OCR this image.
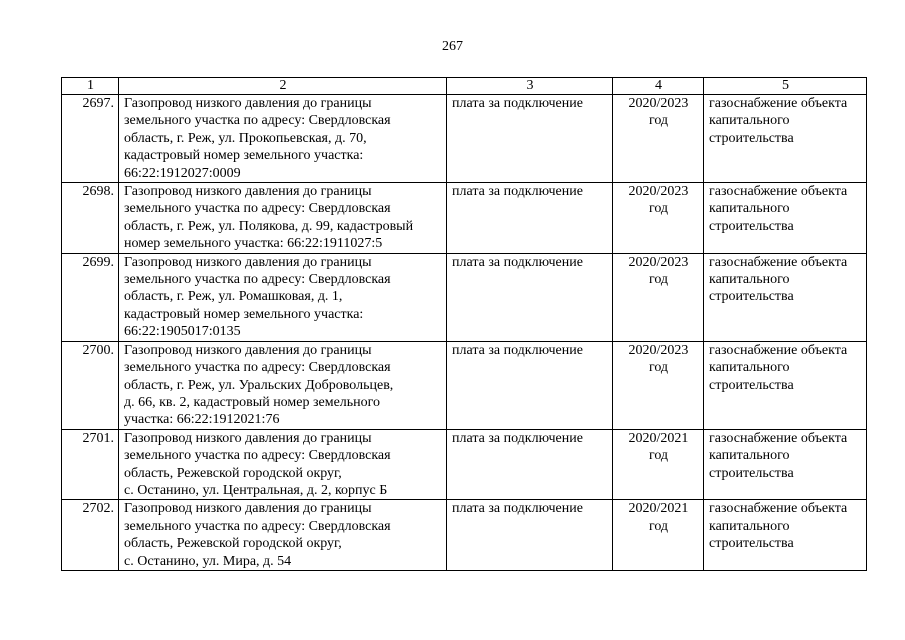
267
1	2	3	4	5
2697.	Газопровод низкого давления до границы
земельного участка по адресу: Свердловская
область, г. Реж, ул. Прокопьевская, д. 70,
кадастровый номер земельного участка:
66:22:1912027:0009	плата за подключение	2020/2023
год	газоснабжение объекта
капитального
строительства

2698.	Газопровод низкого давления до границы
земельного участка по адресу: Свердловская
область, г. Реж, ул. Полякова, д. 99, кадастровый
номер земельного участка: 66:22:1911027:5	плата за подключение	2020/2023
год	газоснабжение объекта
капитального
строительства

2699.	Газопровод низкого давления до границы
земельного участка по адресу: Свердловская
область, г. Реж, ул. Ромашковая, д. 1,
кадастровый номер земельного участка:
66:22:1905017:0135	плата за подключение	2020/2023
год	газоснабжение объекта
капитального
строительства

2700.	Газопровод низкого давления до границы
земельного участка по адресу: Свердловская
область, г. Реж, ул. Уральских Добровольцев,
д. 66, кв. 2, кадастровый номер земельного
участка: 66:22:1912021:76	плата за подключение	2020/2023
год	газоснабжение объекта
капитального
строительства

2701.	Газопровод низкого давления до границы
земельного участка по адресу: Свердловская
область, Режевской городской округ,
с. Останино, ул. Центральная, д. 2, корпус Б	плата за подключение	2020/2021
год	газоснабжение объекта
капитального
строительства

2702.	Газопровод низкого давления до границы
земельного участка по адресу: Свердловская
область, Режевской городской округ,
с. Останино, ул. Мира, д. 54	плата за подключение	2020/2021
год	газоснабжение объекта
капитального
строительства
